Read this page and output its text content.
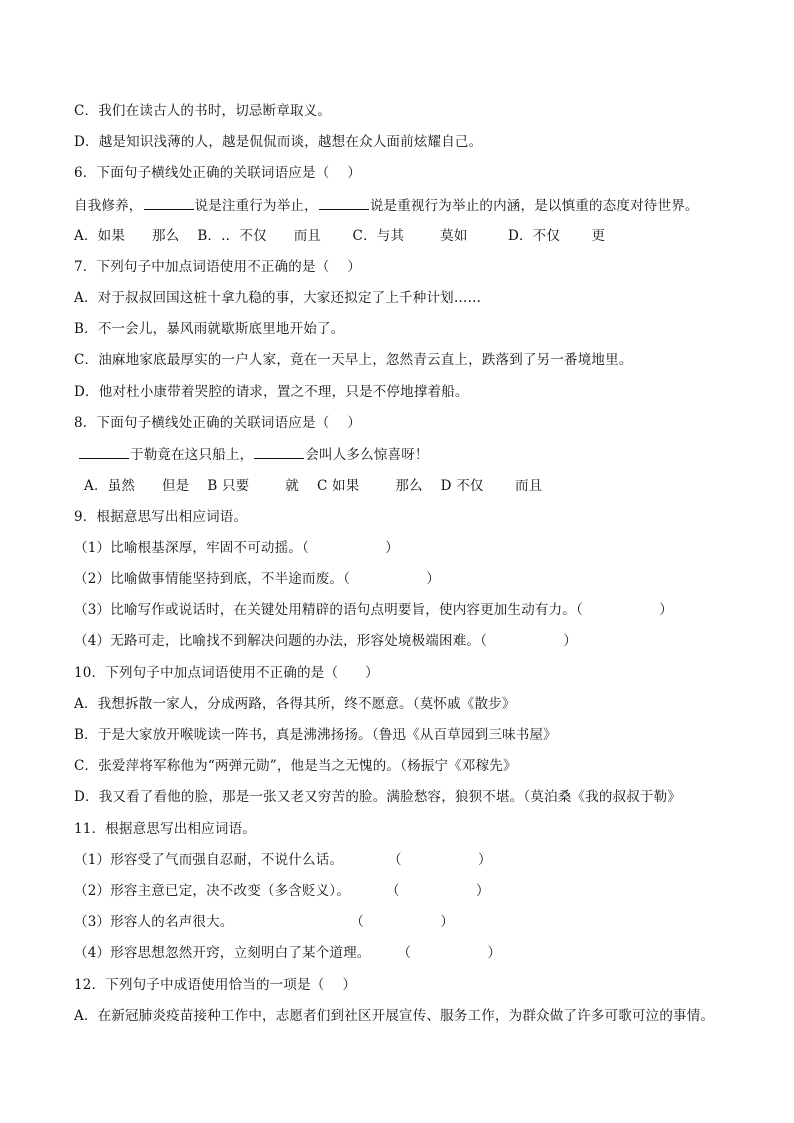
C．我们在读古人的书时，切忌断章取义。
D．越是知识浅薄的人，越是侃侃而谈，越想在众人面前炫耀自己。
6．下面句子横线处正确的关联词语应是（    ）
自我修养，	说是注重行为举止，	说是重视行为举止的内涵，是以慎重的态度对待世界。
A．如果      那么    B．.．不仅      而且       C．与其        莫如         D．不仅       更
7．下列句子中加点词语使用不正确的是（    ）
A．对于叔叔回国这桩十拿九稳的事，大家还拟定了上千种计划……
B．不一会儿，暴风雨就歇斯底里地开始了。
C．油麻地家底最厚实的一户人家，竟在一天早上，忽然青云直上，跌落到了另一番境地里。
D．他对杜小康带着哭腔的请求，置之不理，只是不停地撑着船。
8．下面句子横线处正确的关联词语应是（    ）
于勒竟在这只船上，	会叫人多么惊喜呀！
A．虽然      但是    B 只要        就    C 如果        那么    D 不仅       而且
9．根据意思写出相应词语。
（1）比喻根基深厚，牢固不可动摇。（                 ）
（2）比喻做事情能坚持到底，不半途而废。（                 ）
（3）比喻写作或说话时，在关键处用精辟的语句点明要旨，使内容更加生动有力。（                 ）
（4）无路可走，比喻找不到解决问题的办法，形容处境极端困难。（                 ）
10．下列句子中加点词语使用不正确的是（      ）
A．我想拆散一家人，分成两路，各得其所，终不愿意。（莫怀戚《散步》
B．于是大家放开喉咙读一阵书，真是沸沸扬扬。（鲁迅《从百草园到三味书屋》
C．张爱萍将军称他为“两弹元勋”，他是当之无愧的。（杨振宁《邓稼先》
D．我又看了看他的脸，那是一张又老又穷苦的脸。满脸愁容，狼狈不堪。（莫泊桑《我的叔叔于勒》
11．根据意思写出相应词语。
（1）形容受了气而强自忍耐，不说什么话。          （                 ）
（2）形容主意已定，决不改变（多含贬义）。        （                 ）
（3）形容人的名声很大。                          （                 ）
（4）形容思想忽然开窍，立刻明白了某个道理。      （                 ）
12．下列句子中成语使用恰当的一项是（    ）
A．在新冠肺炎疫苗接种工作中，志愿者们到社区开展宣传、服务工作，为群众做了许多可歌可泣的事情。
